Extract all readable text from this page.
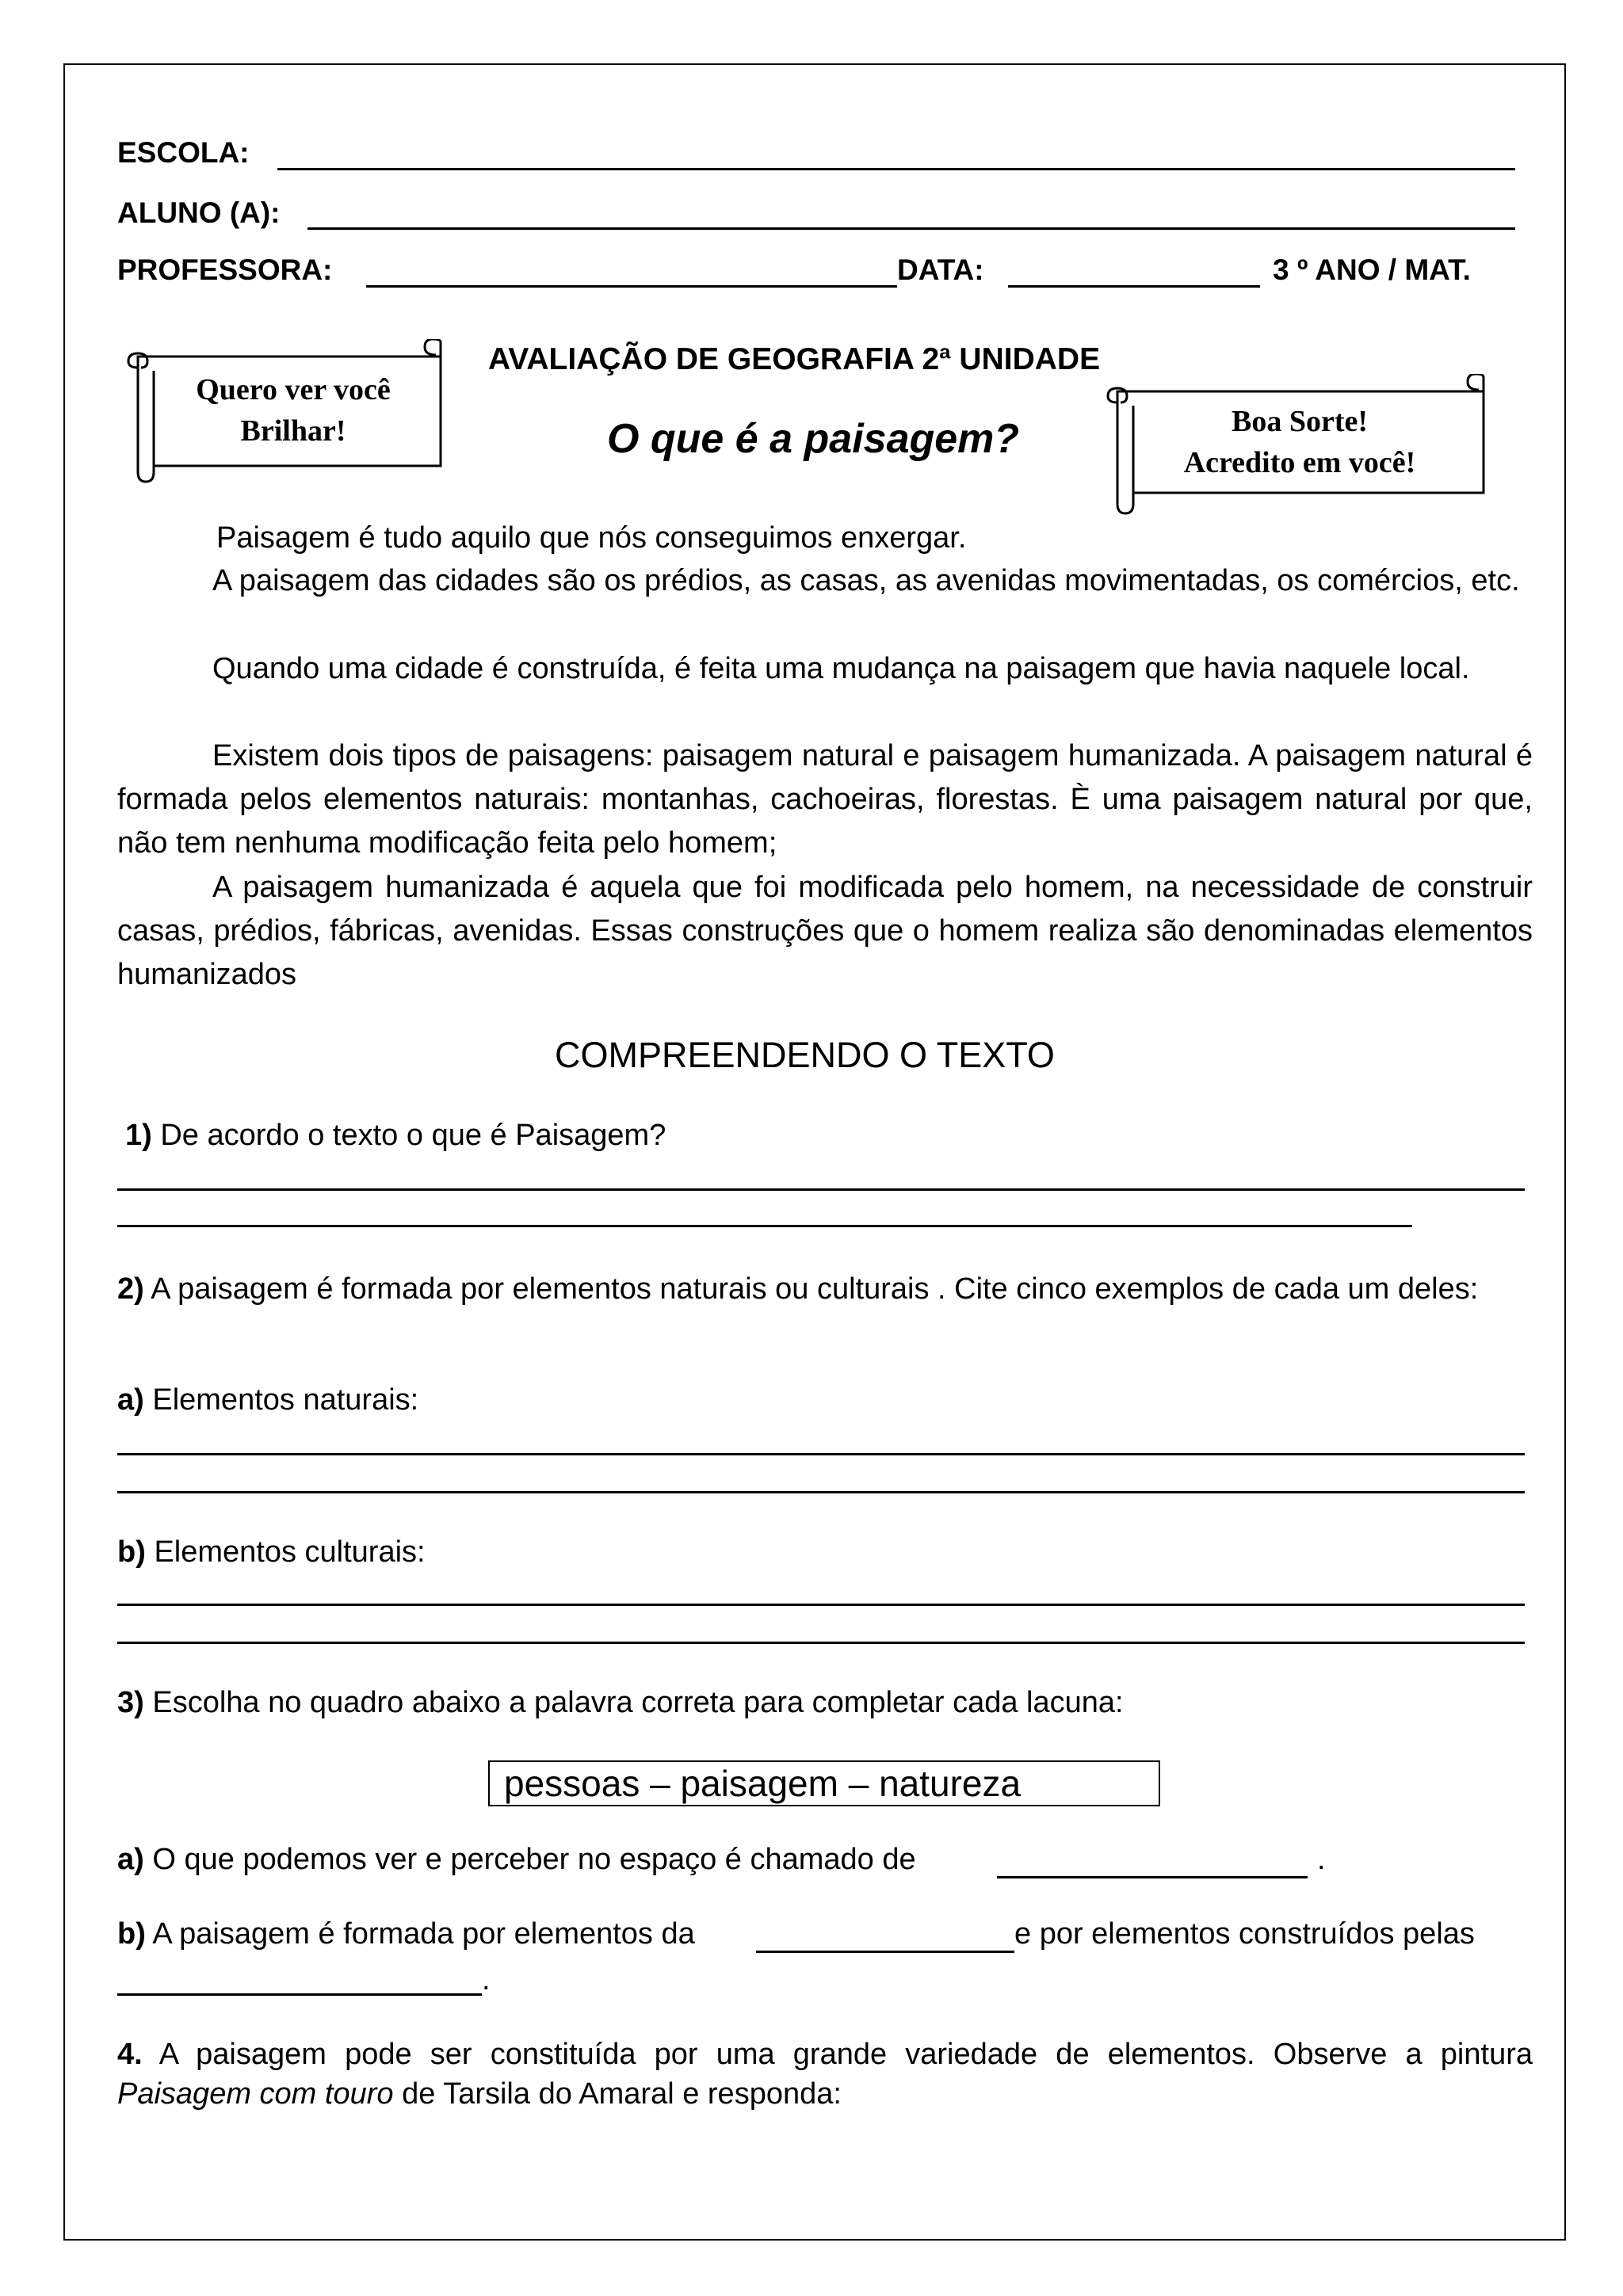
ESCOLA:
ALUNO (A):
PROFESSORA:	DATA:	3 º ANO / MAT.
Quero ver você
Brilhar!
AVALIAÇÃO DE GEOGRAFIA 2ª UNIDADE
O que é a paisagem?	Boa Sorte!
Acredito em você!
Paisagem é tudo aquilo que nós conseguimos enxergar.
A paisagem das cidades são os prédios, as casas, as avenidas movimentadas, os comércios, etc.
Quando uma cidade é construída, é feita uma mudança na paisagem que havia naquele local.
Existem dois tipos de paisagens: paisagem natural e paisagem humanizada. A paisagem natural é formada pelos elementos naturais: montanhas, cachoeiras, florestas. È uma paisagem natural por que, não tem nenhuma modificação feita pelo homem;
A paisagem humanizada é aquela que foi modificada pelo homem, na necessidade de construir casas, prédios, fábricas, avenidas. Essas construções que o homem realiza são denominadas elementos humanizados
COMPREENDENDO O TEXTO
1) De acordo o texto o que é Paisagem?
2) A paisagem é formada por elementos naturais ou culturais . Cite cinco exemplos de cada um deles:
a) Elementos naturais:
b) Elementos culturais:
3) Escolha no quadro abaixo a palavra correta para completar cada lacuna:
pessoas – paisagem – natureza
a) O que podemos ver e perceber no espaço é chamado de	.
b) A paisagem é formada por elementos da	e por elementos construídos pelas
.
4. A paisagem pode ser constituída por uma grande variedade de elementos. Observe a pintura Paisagem com touro de Tarsila do Amaral e responda:
